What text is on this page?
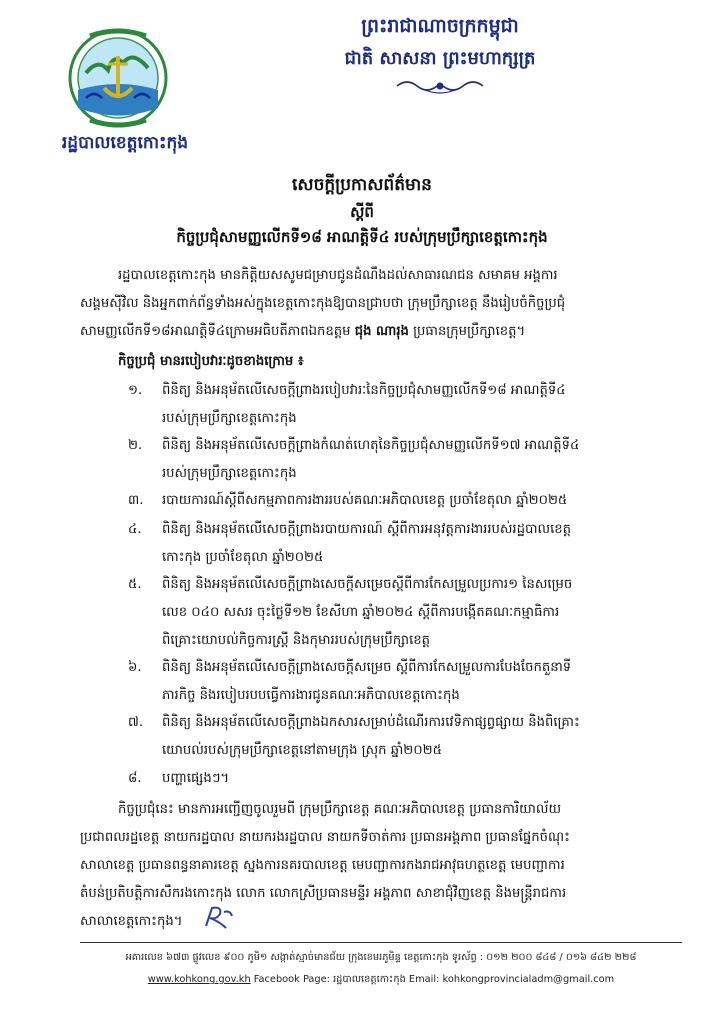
រដ្ឋបាលខេត្តកោះកុង
ព្រះរាជាណាចក្រកម្ពុជា
ជាតិ សាសនា ព្រះមហាក្សត្រ
សេចក្តីប្រកាសព័ត៌មាន
ស្តីពី
កិច្ចប្រជុំសាមញ្ញលើកទី១៨ អាណត្តិទី៤ របស់ក្រុមប្រឹក្សាខេត្តកោះកុង
រដ្ឋបាលខេត្តកោះកុង មានកិត្តិយសសូមជម្រាបជូនដំណឹងដល់សាធារណជន សមាគម អង្គការ
សង្គមស៊ីវិល និងអ្នកពាក់ព័ន្ធទាំងអស់ក្នុងខេត្តកោះកុងឱ្យបានជ្រាបថា ក្រុមប្រឹក្សាខេត្ត នឹងរៀបចំកិច្ចប្រជុំ
សាមញ្ញលើកទី១៨អាណត្តិទី៤ក្រោមអធិបតីភាពឯកឧត្តម ជុង ណារុង ប្រធានក្រុមប្រឹក្សាខេត្ត។
កិច្ចប្រជុំ មានរបៀបវារៈដូចខាងក្រោម ៖
១.	ពិនិត្យ និងអនុម័តលើសេចក្តីព្រាងរបៀបវារៈនៃកិច្ចប្រជុំសាមញ្ញលើកទី១៨ អាណត្តិទី៤
របស់ក្រុមប្រឹក្សាខេត្តកោះកុង
២.	ពិនិត្យ និងអនុម័តលើសេចក្តីព្រាងកំណត់ហេតុនៃកិច្ចប្រជុំសាមញ្ញលើកទី១៧ អាណត្តិទី៤
របស់ក្រុមប្រឹក្សាខេត្តកោះកុង
៣.	របាយការណ៍ស្តីពីសកម្មភាពការងាររបស់គណៈអភិបាលខេត្ត ប្រចាំខែតុលា ឆ្នាំ២០២៥
៤.	ពិនិត្យ និងអនុម័តលើសេចក្តីព្រាងរបាយការណ៍ ស្តីពីការអនុវត្តការងាររបស់រដ្ឋបាលខេត្ត
កោះកុង ប្រចាំខែតុលា ឆ្នាំ២០២៥
៥.	ពិនិត្យ និងអនុម័តលើសេចក្តីព្រាងសេចក្តីសម្រេចស្តីពីការកែសម្រួលប្រការ១ នៃសម្រេច
លេខ ០៤០ សសរ ចុះថ្ងៃទី១២ ខែសីហា ឆ្នាំ២០២៤ ស្តីពីការបង្កើតគណៈកម្មាធិការ
ពិគ្រោះយោបល់កិច្ចការស្ត្រី និងកុមាររបស់ក្រុមប្រឹក្សាខេត្ត
៦.	ពិនិត្យ និងអនុម័តលើសេចក្តីព្រាងសេចក្តីសម្រេច ស្តីពីការកែសម្រួលការបែងចែកតួនាទី
ភារកិច្ច និងរបៀបរបបធ្វើការងារជូនគណៈអភិបាលខេត្តកោះកុង
៧.	ពិនិត្យ និងអនុម័តលើសេចក្តីព្រាងឯកសារសម្រាប់ដំណើរការវេទិកាផ្សព្វផ្សាយ និងពិគ្រោះ
យោបល់របស់ក្រុមប្រឹក្សាខេត្តនៅតាមក្រុង ស្រុក ឆ្នាំ២០២៥
៨.	បញ្ហាផ្សេងៗ។
កិច្ចប្រជុំនេះ មានការអញ្ជើញចូលរួមពី ក្រុមប្រឹក្សាខេត្ត គណៈអភិបាលខេត្ត ប្រធានការិយាល័យ
ប្រជាពលរដ្ឋខេត្ត នាយករដ្ឋបាល នាយករងរដ្ឋបាល នាយកទីចាត់ការ ប្រធានអង្គភាព ប្រធានផ្នែកចំណុះ
សាលាខេត្ត ប្រធានពន្ធនាគារខេត្ត ស្នងការនគរបាលខេត្ត មេបញ្ជាការកងរាជអាវុធហត្ថខេត្ត មេបញ្ជាការ
តំបន់ប្រតិបត្តិការសឹករងកោះកុង លោក លោកស្រីប្រធានមន្ទីរ អង្គភាព សាខាជុំវិញខេត្ត និងមន្ត្រីរាជការ
សាលាខេត្តកោះកុង។
អគារលេខ ៦៧៣ ផ្លូវលេខ ៩០០ ភូមិ១ សង្កាត់ស្មាច់មានជ័យ ក្រុងខេមរភូមិន្ទ ខេត្តកោះកុង ទូរស័ព្ទ : ០១២ ២០០ ៨៤៨ / ០១៦ ៨៤២ ២២៨
www.kohkong.gov.kh Facebook Page: រដ្ឋបាលខេត្តកោះកុង Email: kohkongprovincialadm@gmail.com
